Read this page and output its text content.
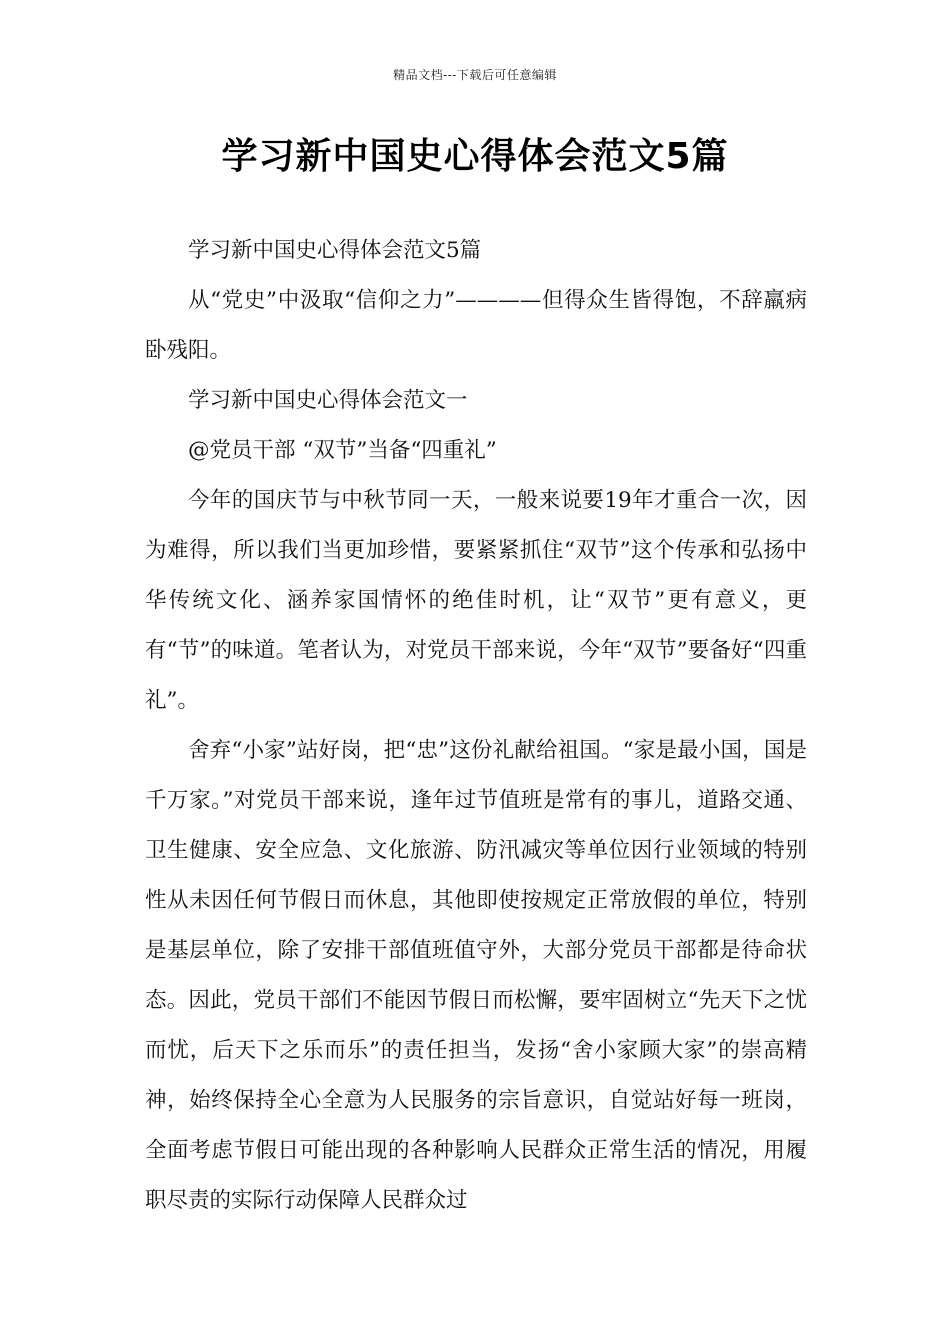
精品文档---下载后可任意编辑
学习新中国史心得体会范文5篇

学习新中国史心得体会范文5篇

从“党史”中汲取“信仰之力”————但得众生皆得饱，不辞羸病卧残阳。

学习新中国史心得体会范文一

@党员干部 “双节”当备“四重礼”

今年的国庆节与中秋节同一天，一般来说要19年才重合一次，因为难得，所以我们当更加珍惜，要紧紧抓住“双节”这个传承和弘扬中华传统文化、涵养家国情怀的绝佳时机，让“双节”更有意义，更有“节”的味道。笔者认为，对党员干部来说，今年“双节”要备好“四重礼”。

舍弃“小家”站好岗，把“忠”这份礼献给祖国。“家是最小国，国是千万家。”对党员干部来说，逢年过节值班是常有的事儿，道路交通、卫生健康、安全应急、文化旅游、防汛减灾等单位因行业领域的特别性从未因任何节假日而休息，其他即使按规定正常放假的单位，特别是基层单位，除了安排干部值班值守外，大部分党员干部都是待命状态。因此，党员干部们不能因节假日而松懈，要牢固树立“先天下之忧而忧，后天下之乐而乐”的责任担当，发扬“舍小家顾大家”的崇高精神，始终保持全心全意为人民服务的宗旨意识，自觉站好每一班岗，全面考虑节假日可能出现的各种影响人民群众正常生活的情况，用履职尽责的实际行动保障人民群众过
